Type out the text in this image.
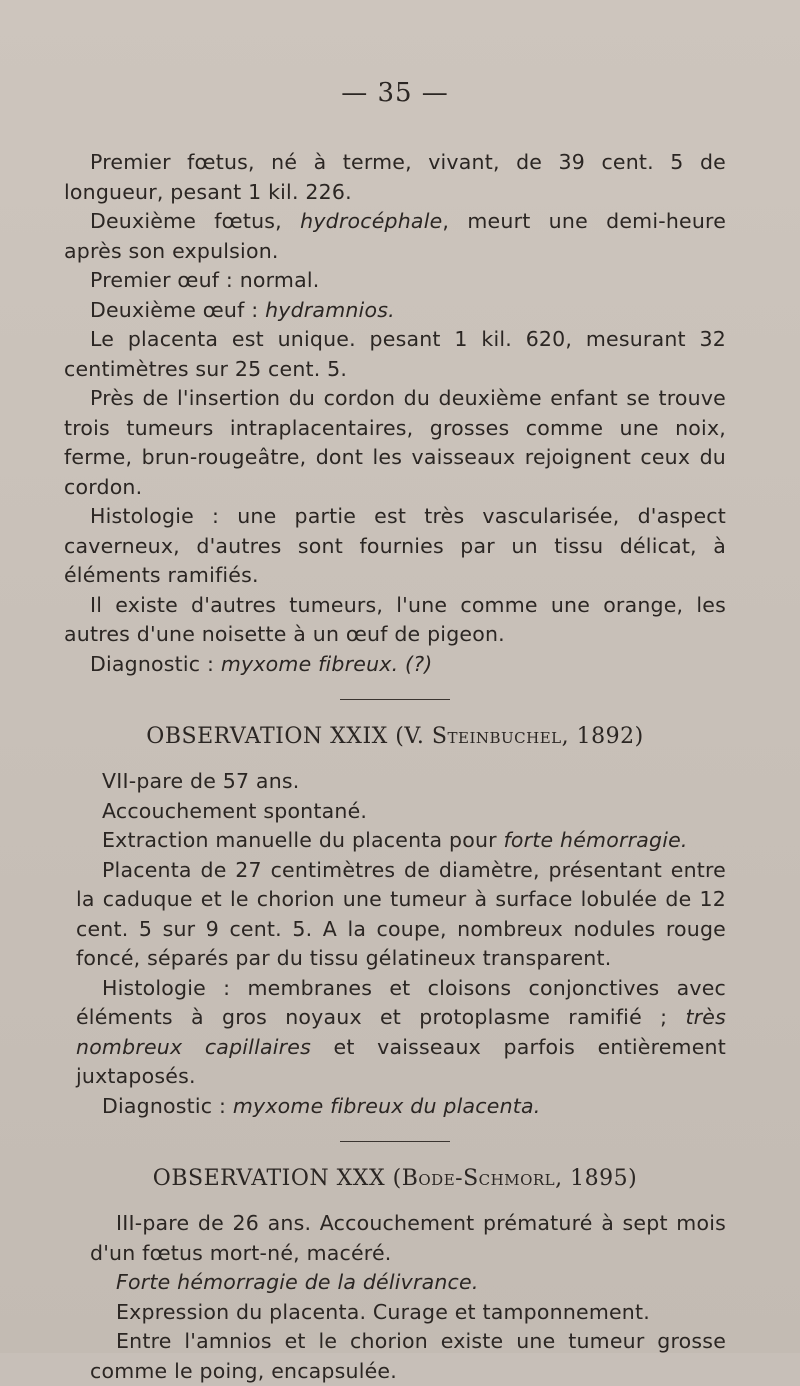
— 35 —

Premier fœtus, né à terme, vivant, de 39 cent. 5 de longueur, pesant 1 kil. 226.

Deuxième fœtus, hydrocéphale, meurt une demi-heure après son expulsion.

Premier œuf : normal.

Deuxième œuf : hydramnios.

Le placenta est unique. pesant 1 kil. 620, mesurant 32 centimètres sur 25 cent. 5.

Près de l'insertion du cordon du deuxième enfant se trouve trois tumeurs intraplacentaires, grosses comme une noix, ferme, brun-rougeâtre, dont les vaisseaux rejoignent ceux du cordon.

Histologie : une partie est très vascularisée, d'aspect caverneux, d'autres sont fournies par un tissu délicat, à éléments ramifiés.

Il existe d'autres tumeurs, l'une comme une orange, les autres d'une noisette à un œuf de pigeon.

Diagnostic : myxome fibreux. (?)

OBSERVATION XXIX (V. Steinbuchel, 1892)

VII-pare de 57 ans.

Accouchement spontané.

Extraction manuelle du placenta pour forte hémorragie.

Placenta de 27 centimètres de diamètre, présentant entre la caduque et le chorion une tumeur à surface lobulée de 12 cent. 5 sur 9 cent. 5. A la coupe, nombreux nodules rouge foncé, séparés par du tissu gélatineux transparent.

Histologie : membranes et cloisons conjonctives avec éléments à gros noyaux et protoplasme ramifié ; très nombreux capillaires et vaisseaux parfois entièrement juxtaposés.

Diagnostic : myxome fibreux du placenta.

OBSERVATION XXX (Bode-Schmorl, 1895)

III-pare de 26 ans. Accouchement prématuré à sept mois d'un fœtus mort-né, macéré.

Forte hémorragie de la délivrance.

Expression du placenta. Curage et tamponnement.

Entre l'amnios et le chorion existe une tumeur grosse comme le poing, encapsulée.
